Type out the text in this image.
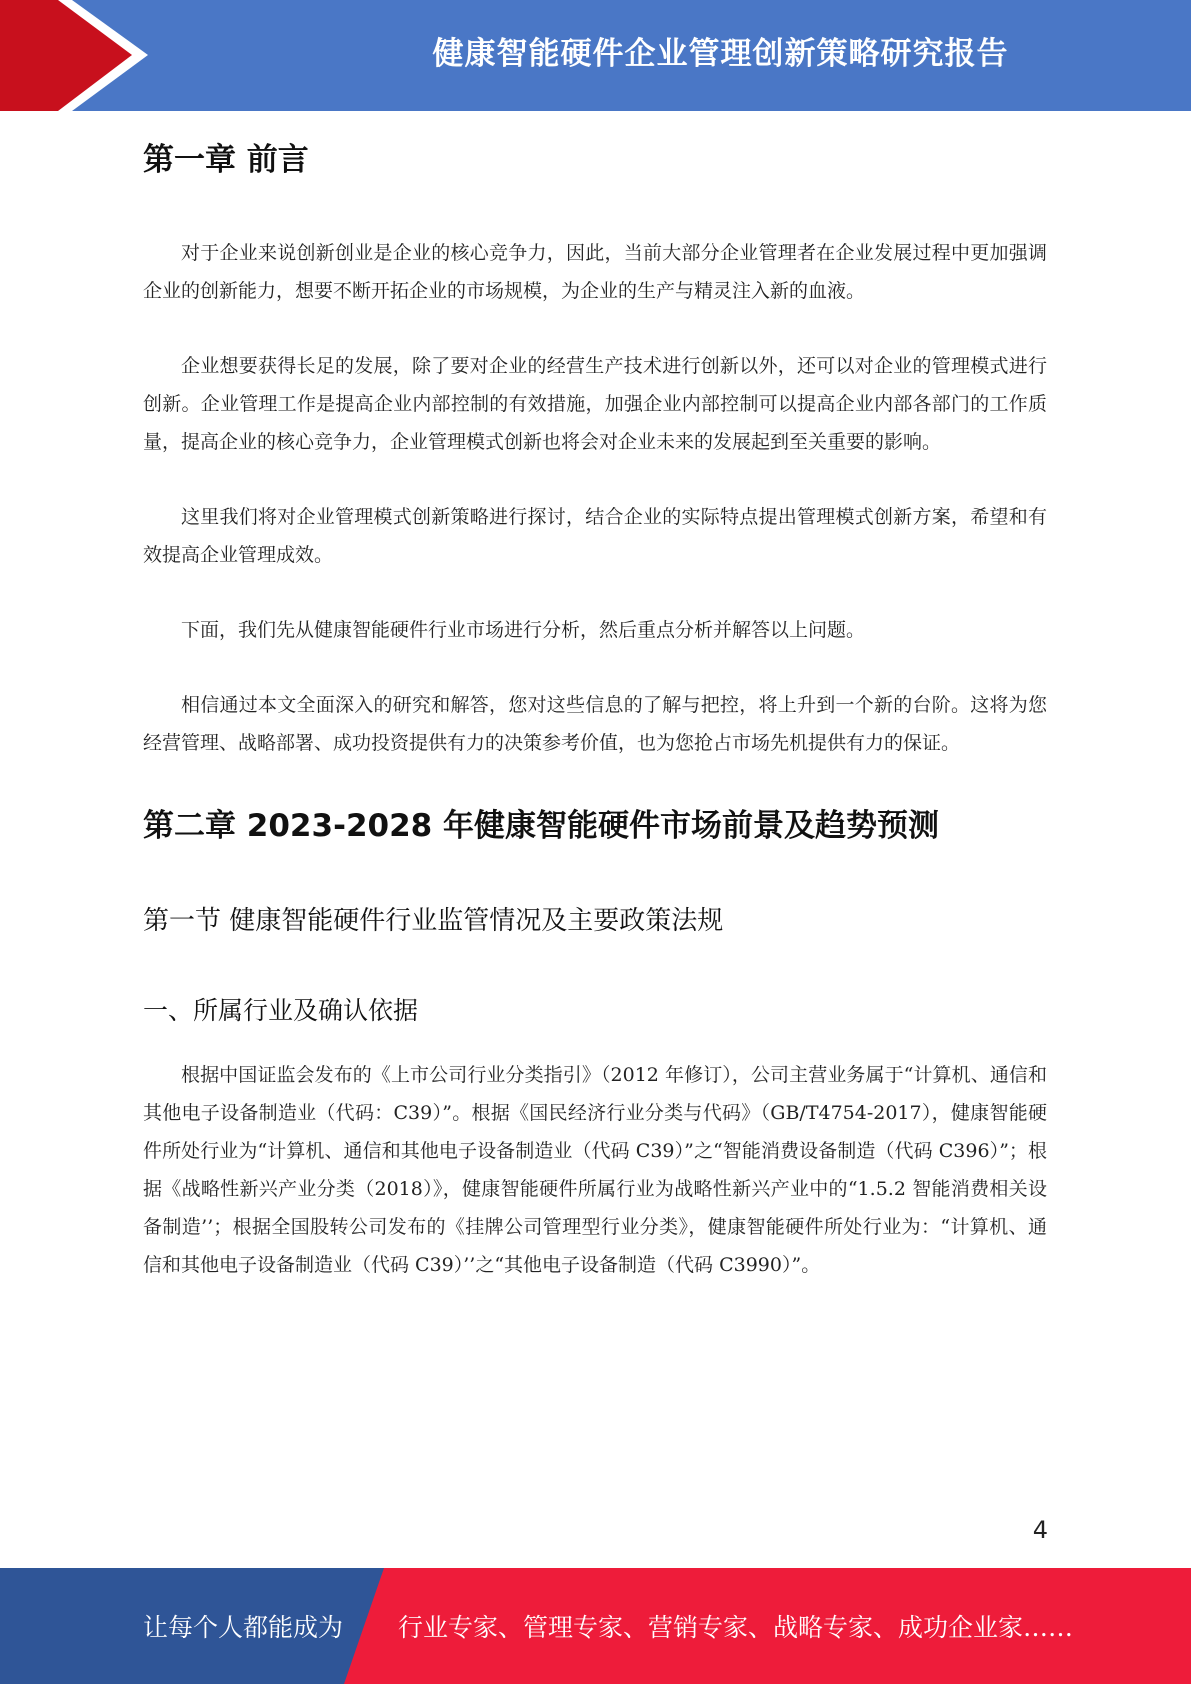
健康智能硬件企业管理创新策略研究报告
第一章 前言

对于企业来说创新创业是企业的核心竞争力，因此，当前大部分企业管理者在企业发展过程中更加强调企业的创新能力，想要不断开拓企业的市场规模，为企业的生产与精灵注入新的血液。

企业想要获得长足的发展，除了要对企业的经营生产技术进行创新以外，还可以对企业的管理模式进行创新。企业管理工作是提高企业内部控制的有效措施，加强企业内部控制可以提高企业内部各部门的工作质量，提高企业的核心竞争力，企业管理模式创新也将会对企业未来的发展起到至关重要的影响。

这里我们将对企业管理模式创新策略进行探讨，结合企业的实际特点提出管理模式创新方案，希望和有效提高企业管理成效。

下面，我们先从健康智能硬件行业市场进行分析，然后重点分析并解答以上问题。

相信通过本文全面深入的研究和解答，您对这些信息的了解与把控，将上升到一个新的台阶。这将为您经营管理、战略部署、成功投资提供有力的决策参考价值，也为您抢占市场先机提供有力的保证。

第二章 2023-2028 年健康智能硬件市场前景及趋势预测
第一节 健康智能硬件行业监管情况及主要政策法规
一、所属行业及确认依据

根据中国证监会发布的《上市公司行业分类指引》（2012 年修订），公司主营业务属于“计算机、通信和其他电子设备制造业（代码：C39）”。根据《国民经济行业分类与代码》（GB/T4754-2017），健康智能硬件所处行业为“计算机、通信和其他电子设备制造业（代码 C39）”之“智能消费设备制造（代码 C396）”；根据《战略性新兴产业分类（2018）》，健康智能硬件所属行业为战略性新兴产业中的“1.5.2 智能消费相关设备制造’’；根据全国股转公司发布的《挂牌公司管理型行业分类》，健康智能硬件所处行业为：“计算机、通信和其他电子设备制造业（代码 C39）’’之“其他电子设备制造（代码 C3990）”。

4
让每个人都能成为 行业专家、管理专家、营销专家、战略专家、成功企业家……
